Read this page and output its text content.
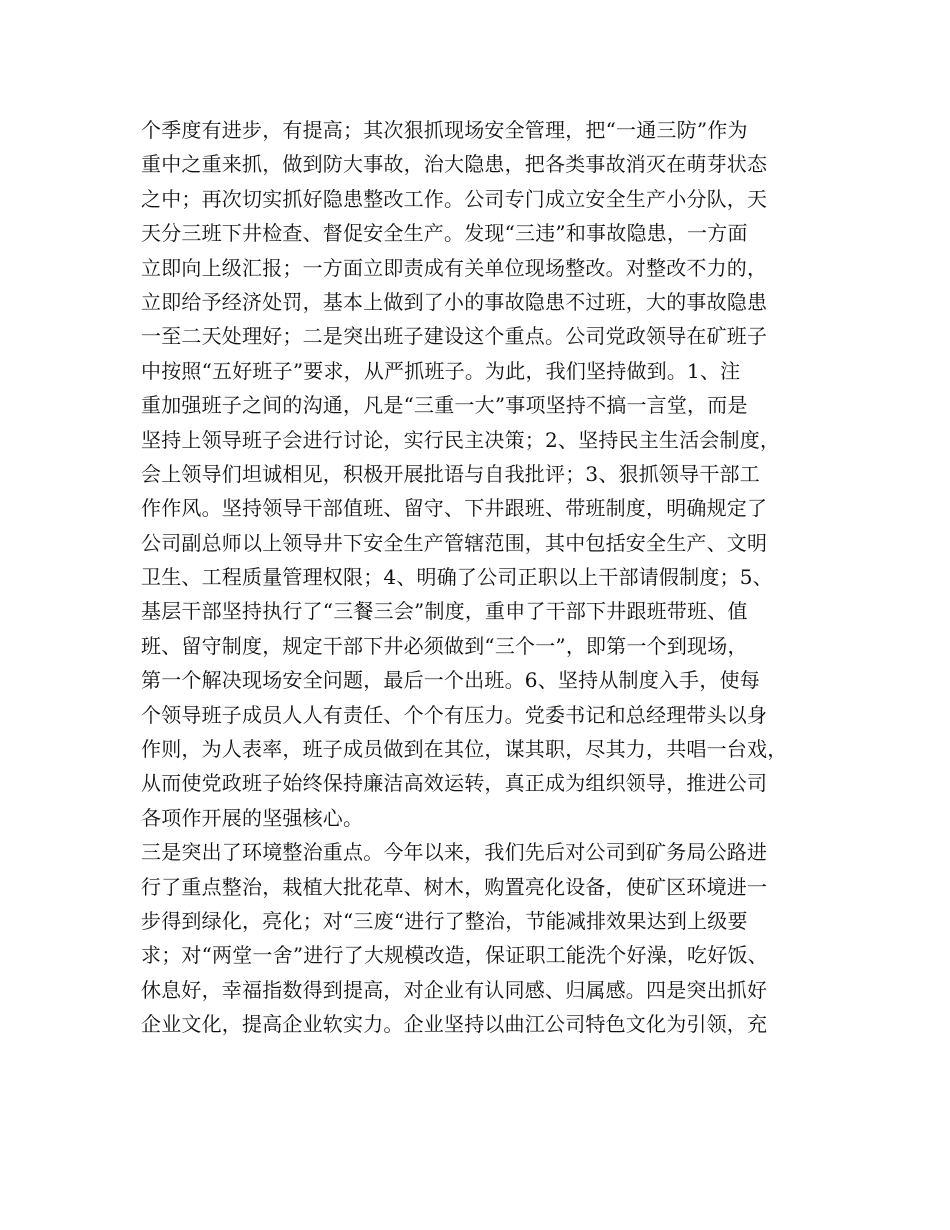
个季度有进步，有提高；其次狠抓现场安全管理，把“一通三防”作为
重中之重来抓，做到防大事故，治大隐患，把各类事故消灭在萌芽状态
之中；再次切实抓好隐患整改工作。公司专门成立安全生产小分队，天
天分三班下井检查、督促安全生产。发现“三违”和事故隐患，一方面
立即向上级汇报；一方面立即责成有关单位现场整改。对整改不力的，
立即给予经济处罚，基本上做到了小的事故隐患不过班，大的事故隐患
一至二天处理好；二是突出班子建设这个重点。公司党政领导在矿班子
中按照“五好班子”要求，从严抓班子。为此，我们坚持做到。1、注
重加强班子之间的沟通，凡是“三重一大”事项坚持不搞一言堂，而是
坚持上领导班子会进行讨论，实行民主决策；2、坚持民主生活会制度，
会上领导们坦诚相见，积极开展批语与自我批评；3、狠抓领导干部工
作作风。坚持领导干部值班、留守、下井跟班、带班制度，明确规定了
公司副总师以上领导井下安全生产管辖范围，其中包括安全生产、文明
卫生、工程质量管理权限；4、明确了公司正职以上干部请假制度；5、
基层干部坚持执行了“三餐三会”制度，重申了干部下井跟班带班、值
班、留守制度，规定干部下井必须做到“三个一”，即第一个到现场，
第一个解决现场安全问题，最后一个出班。6、坚持从制度入手，使每
个领导班子成员人人有责任、个个有压力。党委书记和总经理带头以身
作则，为人表率，班子成员做到在其位，谋其职，尽其力，共唱一台戏，
从而使党政班子始终保持廉洁高效运转，真正成为组织领导，推进公司
各项作开展的坚强核心。
三是突出了环境整治重点。今年以来，我们先后对公司到矿务局公路进
行了重点整治，栽植大批花草、树木，购置亮化设备，使矿区环境进一
步得到绿化，亮化；对“三废“进行了整治，节能减排效果达到上级要
求；对“两堂一舍”进行了大规模改造，保证职工能洗个好澡，吃好饭、
休息好，幸福指数得到提高，对企业有认同感、归属感。四是突出抓好
企业文化，提高企业软实力。企业坚持以曲江公司特色文化为引领，充
